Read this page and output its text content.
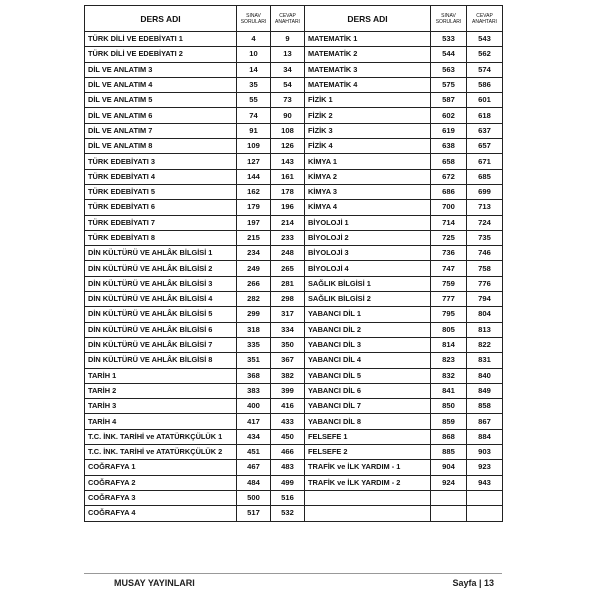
DERS ADI	SINAV SORULARI	CEVAP ANAHTARI	DERS ADI	SINAV SORULARI	CEVAP ANAHTARI
TÜRK DİLİ VE EDEBİYATI 1	4	9	MATEMATİK 1	533	543
TÜRK DİLİ VE EDEBİYATI 2	10	13	MATEMATİK 2	544	562
DİL VE ANLATIM 3	14	34	MATEMATİK 3	563	574
DİL VE ANLATIM 4	35	54	MATEMATİK 4	575	586
DİL VE ANLATIM 5	55	73	FİZİK 1	587	601
DİL VE ANLATIM 6	74	90	FİZİK 2	602	618
DİL VE ANLATIM 7	91	108	FİZİK 3	619	637
DİL VE ANLATIM 8	109	126	FİZİK 4	638	657
TÜRK EDEBİYATI 3	127	143	KİMYA 1	658	671
TÜRK EDEBİYATI 4	144	161	KİMYA 2	672	685
TÜRK EDEBİYATI 5	162	178	KİMYA 3	686	699
TÜRK EDEBİYATI 6	179	196	KİMYA 4	700	713
TÜRK EDEBİYATI 7	197	214	BİYOLOJİ 1	714	724
TÜRK EDEBİYATI 8	215	233	BİYOLOJİ 2	725	735
DİN KÜLTÜRÜ VE AHLÂK BİLGİSİ 1	234	248	BİYOLOJİ 3	736	746
DİN KÜLTÜRÜ VE AHLÂK BİLGİSİ 2	249	265	BİYOLOJİ 4	747	758
DİN KÜLTÜRÜ VE AHLÂK BİLGİSİ 3	266	281	SAĞLIK BİLGİSİ 1	759	776
DİN KÜLTÜRÜ VE AHLÂK BİLGİSİ 4	282	298	SAĞLIK BİLGİSİ 2	777	794
DİN KÜLTÜRÜ VE AHLÂK BİLGİSİ 5	299	317	YABANCI DİL 1	795	804
DİN KÜLTÜRÜ VE AHLÂK BİLGİSİ 6	318	334	YABANCI DİL 2	805	813
DİN KÜLTÜRÜ VE AHLÂK BİLGİSİ 7	335	350	YABANCI DİL 3	814	822
DİN KÜLTÜRÜ VE AHLÂK BİLGİSİ 8	351	367	YABANCI DİL 4	823	831
TARİH 1	368	382	YABANCI DİL 5	832	840
TARİH 2	383	399	YABANCI DİL 6	841	849
TARİH 3	400	416	YABANCI DİL 7	850	858
TARİH 4	417	433	YABANCI DİL 8	859	867
T.C. İNK. TARİHİ ve ATATÜRKÇÜLÜK 1	434	450	FELSEFE 1	868	884
T.C. İNK. TARİHİ ve ATATÜRKÇÜLÜK 2	451	466	FELSEFE 2	885	903
COĞRAFYA 1	467	483	TRAFİK ve İLK YARDIM - 1	904	923
COĞRAFYA 2	484	499	TRAFİK ve İLK YARDIM - 2	924	943
COĞRAFYA 3	500	516			
COĞRAFYA 4	517	532			
MUSAY YAYINLARI	Sayfa | 13
